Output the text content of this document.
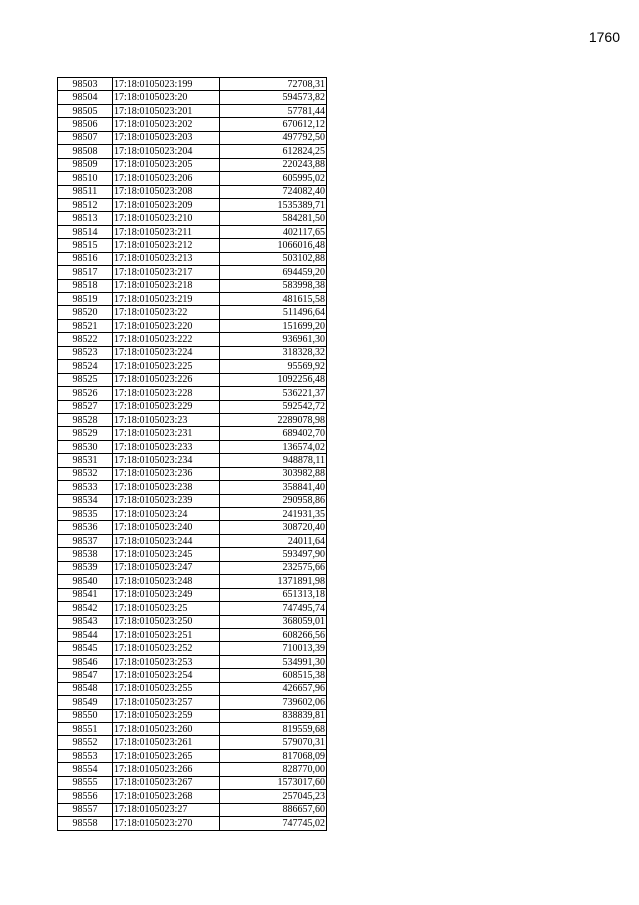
1760
98503	17:18:0105023:199	72708,31
98504	17:18:0105023:20	594573,82
98505	17:18:0105023:201	57781,44
98506	17:18:0105023:202	670612,12
98507	17:18:0105023:203	497792,50
98508	17:18:0105023:204	612824,25
98509	17:18:0105023:205	220243,88
98510	17:18:0105023:206	605995,02
98511	17:18:0105023:208	724082,40
98512	17:18:0105023:209	1535389,71
98513	17:18:0105023:210	584281,50
98514	17:18:0105023:211	402117,65
98515	17:18:0105023:212	1066016,48
98516	17:18:0105023:213	503102,88
98517	17:18:0105023:217	694459,20
98518	17:18:0105023:218	583998,38
98519	17:18:0105023:219	481615,58
98520	17:18:0105023:22	511496,64
98521	17:18:0105023:220	151699,20
98522	17:18:0105023:222	936961,30
98523	17:18:0105023:224	318328,32
98524	17:18:0105023:225	95569,92
98525	17:18:0105023:226	1092256,48
98526	17:18:0105023:228	536221,37
98527	17:18:0105023:229	592542,72
98528	17:18:0105023:23	2289078,98
98529	17:18:0105023:231	689402,70
98530	17:18:0105023:233	136574,02
98531	17:18:0105023:234	948878,11
98532	17:18:0105023:236	303982,88
98533	17:18:0105023:238	358841,40
98534	17:18:0105023:239	290958,86
98535	17:18:0105023:24	241931,35
98536	17:18:0105023:240	308720,40
98537	17:18:0105023:244	24011,64
98538	17:18:0105023:245	593497,90
98539	17:18:0105023:247	232575,66
98540	17:18:0105023:248	1371891,98
98541	17:18:0105023:249	651313,18
98542	17:18:0105023:25	747495,74
98543	17:18:0105023:250	368059,01
98544	17:18:0105023:251	608266,56
98545	17:18:0105023:252	710013,39
98546	17:18:0105023:253	534991,30
98547	17:18:0105023:254	608515,38
98548	17:18:0105023:255	426657,96
98549	17:18:0105023:257	739602,06
98550	17:18:0105023:259	838839,81
98551	17:18:0105023:260	819559,68
98552	17:18:0105023:261	579070,31
98553	17:18:0105023:265	817068,09
98554	17:18:0105023:266	828770,00
98555	17:18:0105023:267	1573017,60
98556	17:18:0105023:268	257045,23
98557	17:18:0105023:27	886657,60
98558	17:18:0105023:270	747745,02
